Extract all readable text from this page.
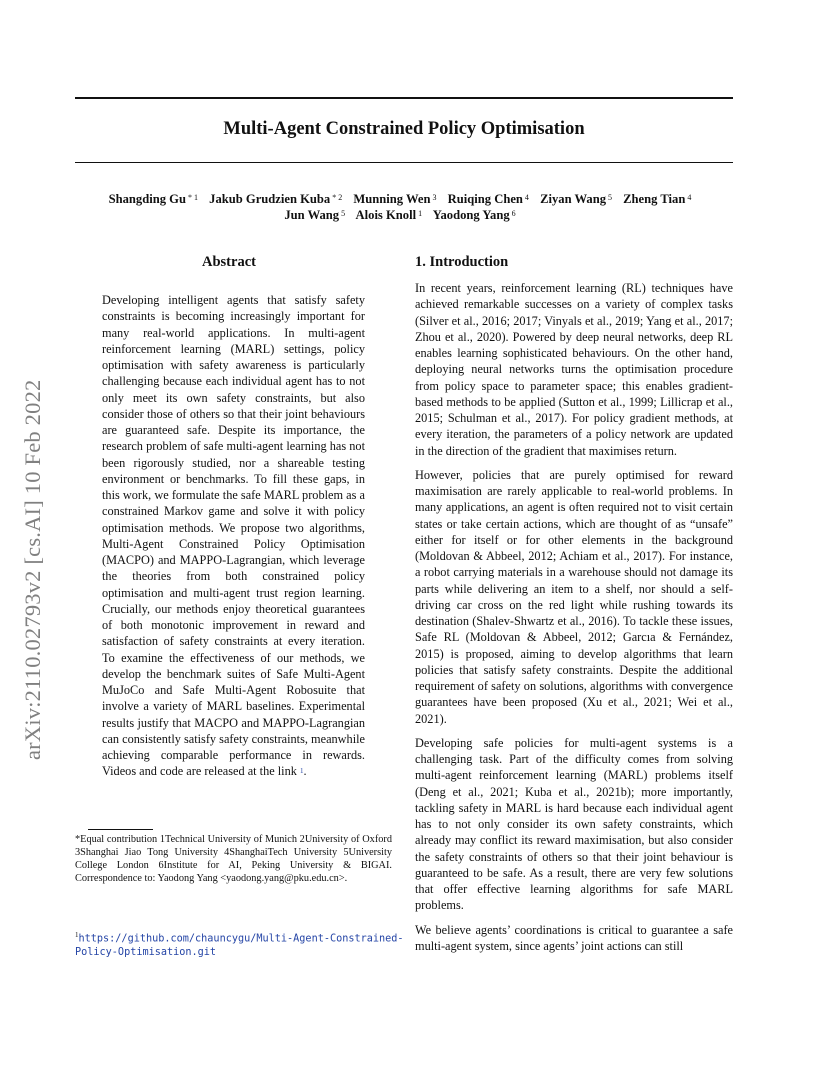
Multi-Agent Constrained Policy Optimisation
Shangding Gu $^{* 1}$ Jakub Grudzien Kuba $^{* 2}$ Munning Wen $^3$ Ruiqing Chen $^4$ Ziyan Wang $^5$ Zheng Tian $^4$
Jun Wang $^5$ Alois Knoll $^1$ Yaodong Yang $^6$
arXiv:2110.02793v2 [cs.AI] 10 Feb 2022
Abstract
Developing intelligent agents that satisfy safety constraints is becoming increasingly important for many real-world applications. In multi-agent reinforcement learning (MARL) settings, policy optimisation with safety awareness is particularly challenging because each individual agent has to not only meet its own safety constraints, but also consider those of others so that their joint behaviours are guaranteed safe. Despite its importance, the research problem of safe multi-agent learning has not been rigorously studied, nor a shareable testing environment or benchmarks. To fill these gaps, in this work, we formulate the safe MARL problem as a constrained Markov game and solve it with policy optimisation methods. We propose two algorithms, Multi-Agent Constrained Policy Optimisation (MACPO) and MAPPO-Lagrangian, which leverage the theories from both constrained policy optimisation and multi-agent trust region learning. Crucially, our methods enjoy theoretical guarantees of both monotonic improvement in reward and satisfaction of safety constraints at every iteration. To examine the effectiveness of our methods, we develop the benchmark suites of Safe Multi-Agent MuJoCo and Safe Multi-Agent Robosuite that involve a variety of MARL baselines. Experimental results justify that MACPO and MAPPO-Lagrangian can consistently satisfy safety constraints, meanwhile achieving comparable performance in rewards. Videos and code are released at the link $^1$.
*Equal contribution 1Technical University of Munich 2University of Oxford 3Shanghai Jiao Tong University 4ShanghaiTech University 5University College London 6Institute for AI, Peking University & BIGAI. Correspondence to: Yaodong Yang <yaodong.yang@pku.edu.cn>.
$^1$https://github.com/chauncygu/Multi-Agent-Constrained-Policy-Optimisation.git
1. Introduction

In recent years, reinforcement learning (RL) techniques have achieved remarkable successes on a variety of complex tasks (Silver et al., 2016; 2017; Vinyals et al., 2019; Yang et al., 2017; Zhou et al., 2020). Powered by deep neural networks, deep RL enables learning sophisticated behaviours. On the other hand, deploying neural networks turns the optimisation procedure from policy space to parameter space; this enables gradient-based methods to be applied (Sutton et al., 1999; Lillicrap et al., 2015; Schulman et al., 2017). For policy gradient methods, at every iteration, the parameters of a policy network are updated in the direction of the gradient that maximises return.

However, policies that are purely optimised for reward maximisation are rarely applicable to real-world problems. In many applications, an agent is often required not to visit certain states or take certain actions, which are thought of as “unsafe” either for itself or for other elements in the background (Moldovan & Abbeel, 2012; Achiam et al., 2017). For instance, a robot carrying materials in a warehouse should not damage its parts while delivering an item to a shelf, nor should a self-driving car cross on the red light while rushing towards its destination (Shalev-Shwartz et al., 2016). To tackle these issues, Safe RL (Moldovan & Abbeel, 2012; Garcıa & Fernández, 2015) is proposed, aiming to develop algorithms that learn policies that satisfy safety constraints. Despite the additional requirement of safety on solutions, algorithms with convergence guarantees have been proposed (Xu et al., 2021; Wei et al., 2021).

Developing safe policies for multi-agent systems is a challenging task. Part of the difficulty comes from solving multi-agent reinforcement learning (MARL) problems itself (Deng et al., 2021; Kuba et al., 2021b); more importantly, tackling safety in MARL is hard because each individual agent has to not only consider its own safety constraints, which already may conflict its reward maximisation, but also consider the safety constraints of others so that their joint behaviour is guaranteed to be safe. As a result, there are very few solutions that offer effective learning algorithms for safe MARL problems.

We believe agents’ coordinations is critical to guarantee a safe multi-agent system, since agents’ joint actions can still
